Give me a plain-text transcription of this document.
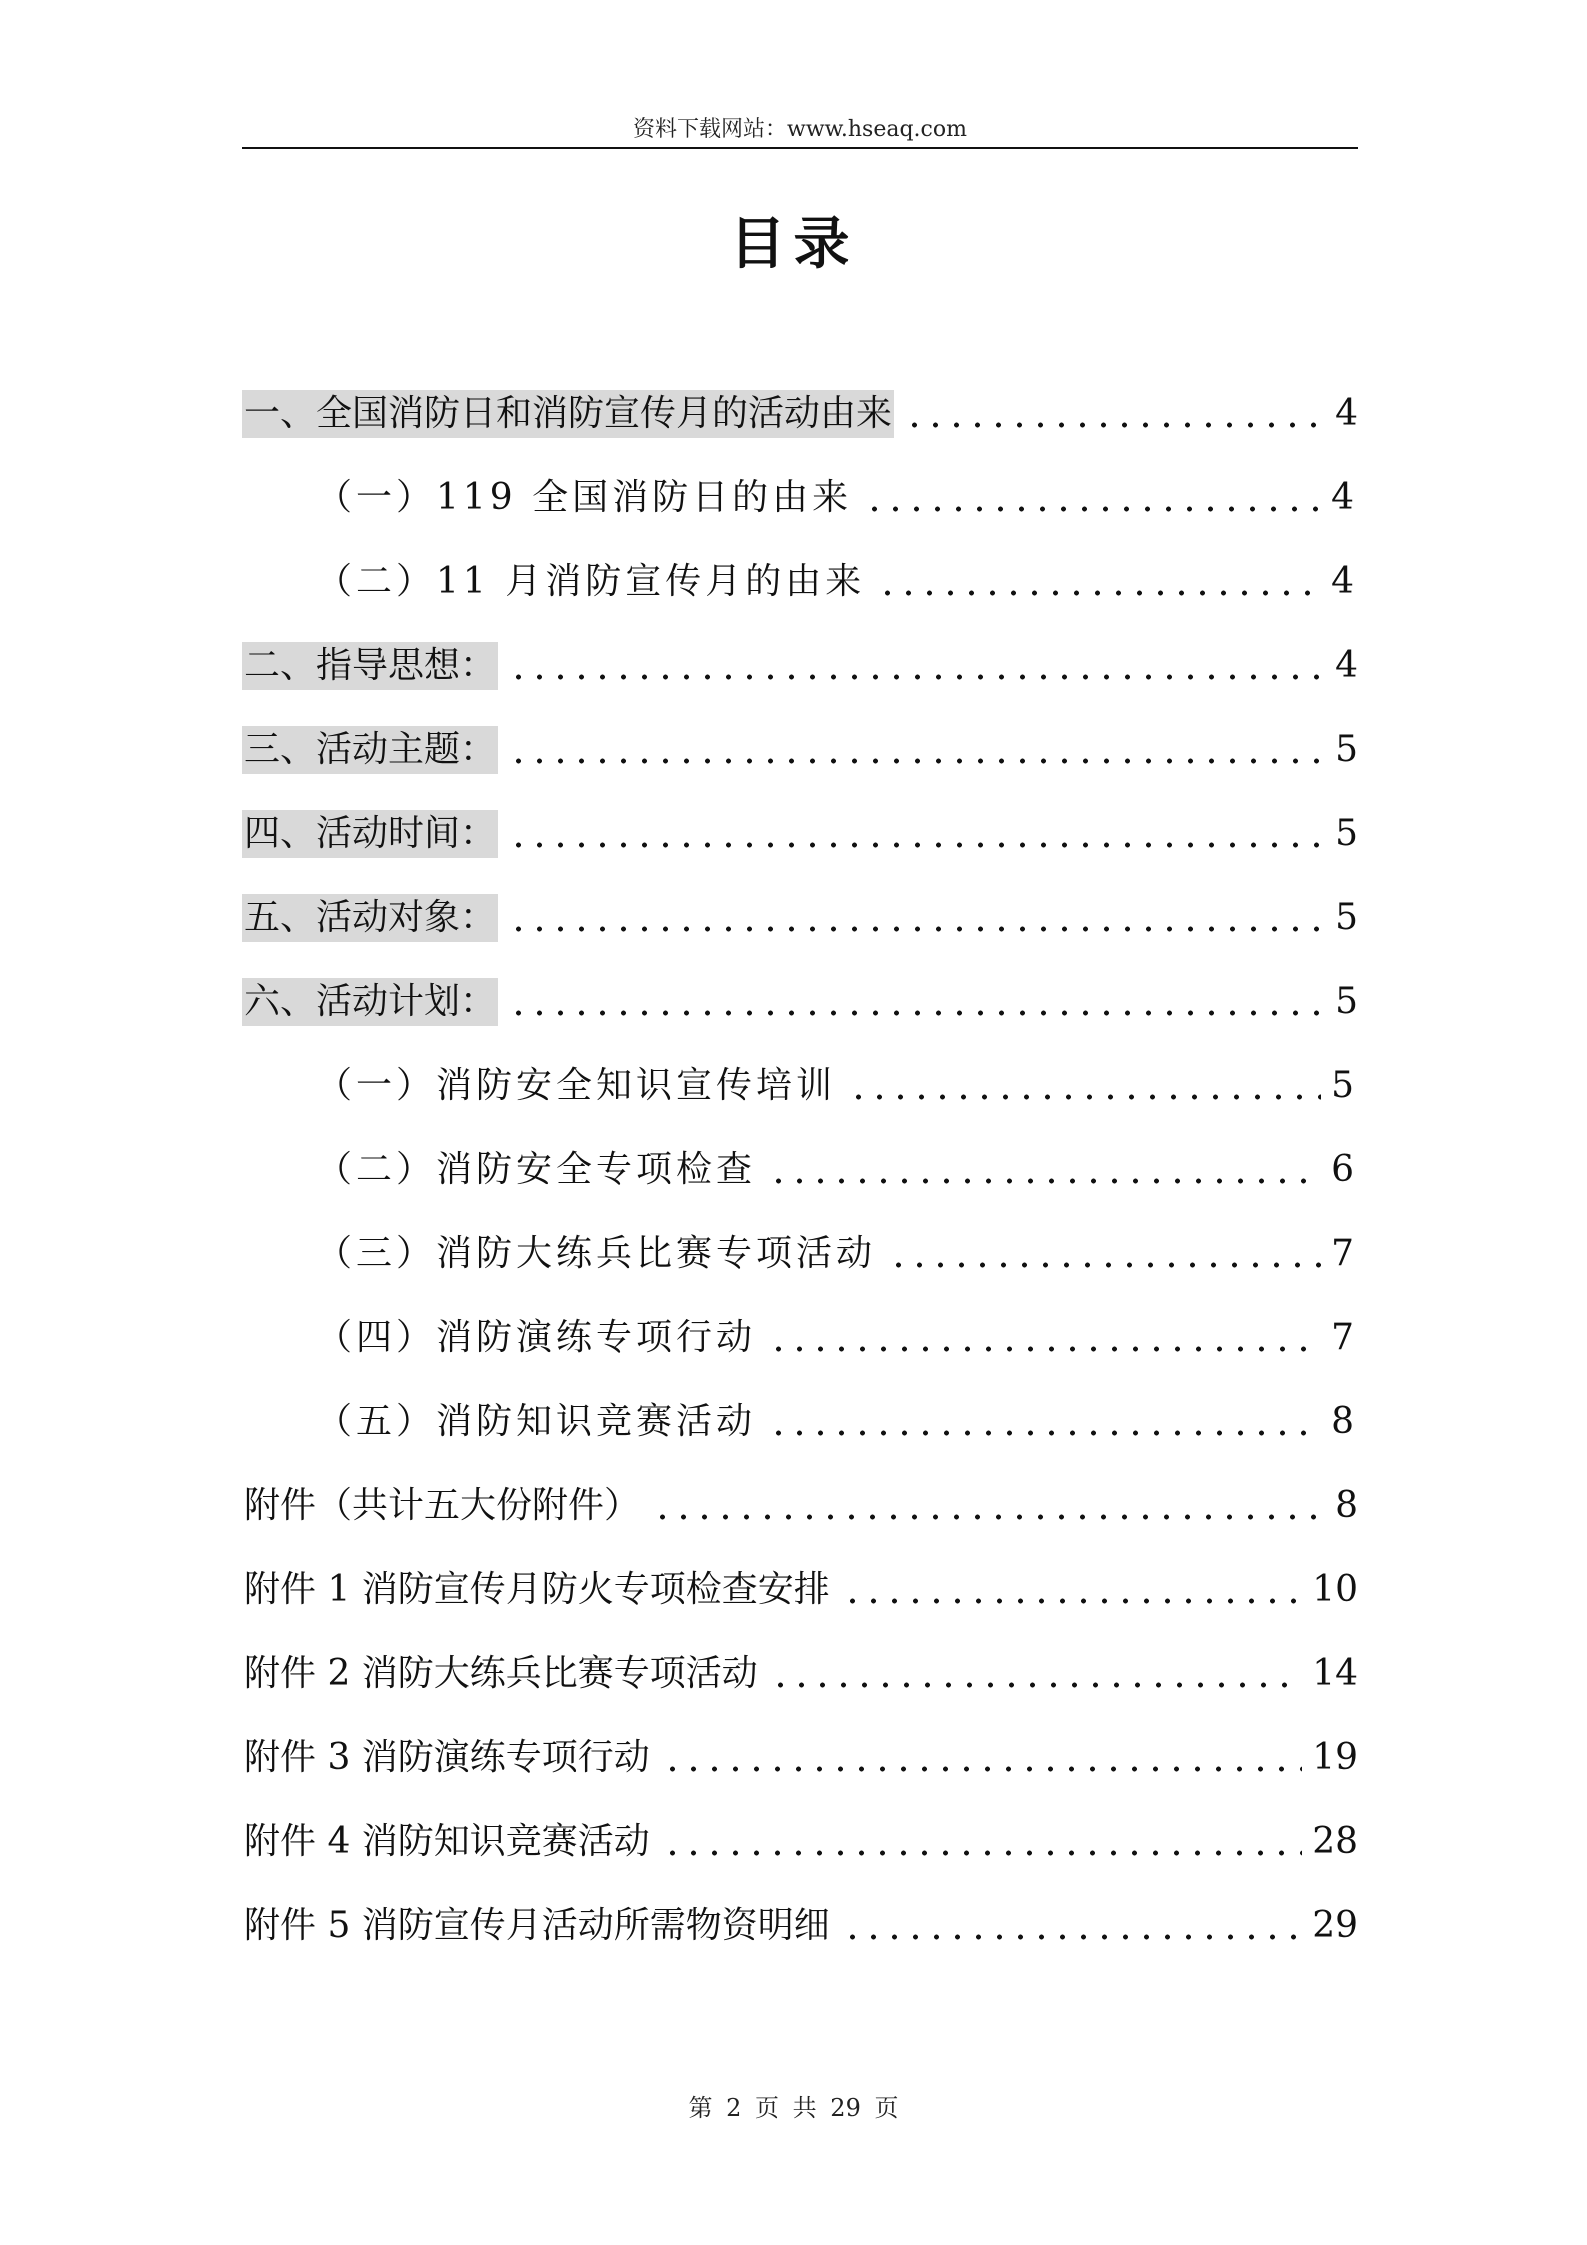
资料下载网站：www.hseaq.com
目录
一、全国消防日和消防宣传月的活动由来	4
（一）119 全国消防日的由来	4
（二）11 月消防宣传月的由来	4
二、指导思想：	4
三、活动主题：	5
四、活动时间：	5
五、活动对象：	5
六、活动计划：	5
（一）消防安全知识宣传培训	5
（二）消防安全专项检查	6
（三）消防大练兵比赛专项活动	7
（四）消防演练专项行动	7
（五）消防知识竞赛活动	8
附件（共计五大份附件）	8
附件 1 消防宣传月防火专项检查安排	10
附件 2 消防大练兵比赛专项活动	14
附件 3 消防演练专项行动	19
附件 4 消防知识竞赛活动	28
附件 5 消防宣传月活动所需物资明细	29
第 2 页 共 29 页
